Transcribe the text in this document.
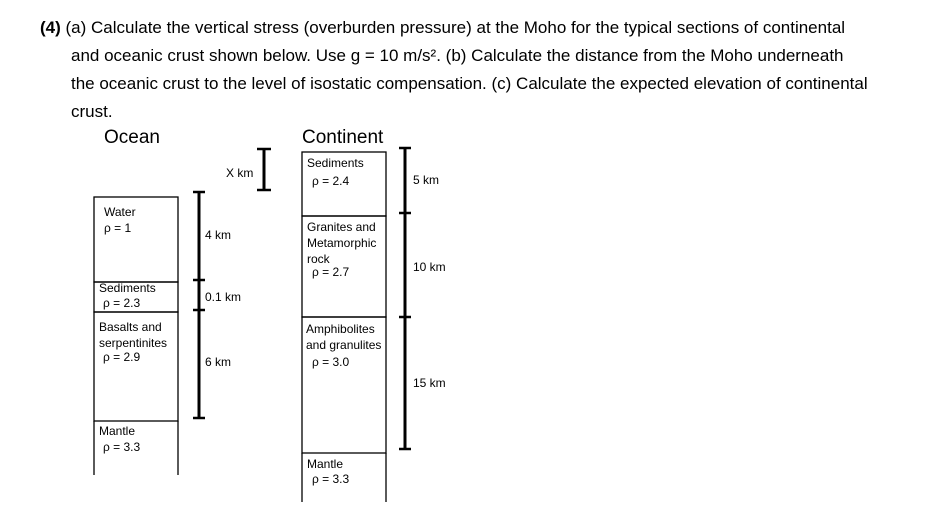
(4) (a) Calculate the vertical stress (overburden pressure) at the Moho for the typical sections of continental
and oceanic crust shown below. Use g = 10 m/s². (b) Calculate the distance from the Moho underneath
the oceanic crust to the level of isostatic compensation. (c) Calculate the expected elevation of continental
crust.
Ocean
X km
Water
ρ = 1
Sediments
ρ = 2.3
Basalts and
serpentinites
ρ = 2.9
Mantle
ρ = 3.3
4 km
0.1 km
6 km
Continent
Sediments
ρ = 2.4
Granites and
Metamorphic
rock
ρ = 2.7
Amphibolites
and granulites
ρ = 3.0
Mantle
ρ = 3.3
5 km
10 km
15 km
